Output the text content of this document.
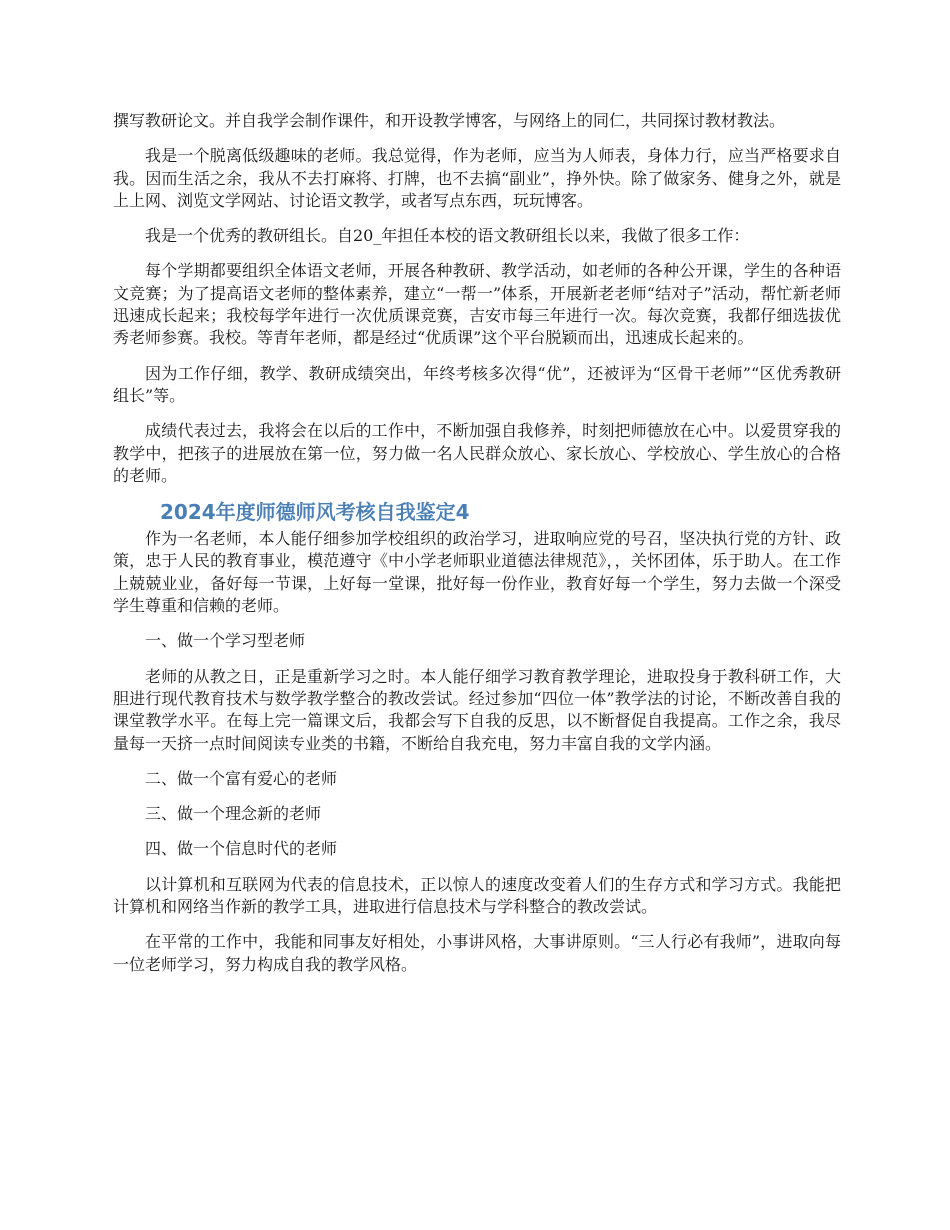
撰写教研论文。并自我学会制作课件，和开设教学博客，与网络上的同仁，共同探讨教材教法。

我是一个脱离低级趣味的老师。我总觉得，作为老师，应当为人师表，身体力行，应当严格要求自我。因而生活之余，我从不去打麻将、打牌，也不去搞“副业”，挣外快。除了做家务、健身之外，就是上上网、浏览文学网站、讨论语文教学，或者写点东西，玩玩博客。

我是一个优秀的教研组长。自20_年担任本校的语文教研组长以来，我做了很多工作：

每个学期都要组织全体语文老师，开展各种教研、教学活动，如老师的各种公开课，学生的各种语文竞赛；为了提高语文老师的整体素养，建立“一帮一”体系，开展新老老师“结对子”活动，帮忙新老师迅速成长起来；我校每学年进行一次优质课竞赛，吉安市每三年进行一次。每次竞赛，我都仔细选拔优秀老师参赛。我校。等青年老师，都是经过“优质课”这个平台脱颖而出，迅速成长起来的。

因为工作仔细，教学、教研成绩突出，年终考核多次得“优”，还被评为“区骨干老师”“区优秀教研组长”等。

成绩代表过去，我将会在以后的工作中，不断加强自我修养，时刻把师德放在心中。以爱贯穿我的教学中，把孩子的进展放在第一位，努力做一名人民群众放心、家长放心、学校放心、学生放心的合格的老师。

2024年度师德师风考核自我鉴定4

作为一名老师，本人能仔细参加学校组织的政治学习，进取响应党的号召，坚决执行党的方针、政策，忠于人民的教育事业，模范遵守《中小学老师职业道德法律规范》，，关怀团体，乐于助人。在工作上兢兢业业，备好每一节课，上好每一堂课，批好每一份作业，教育好每一个学生，努力去做一个深受学生尊重和信赖的老师。

一、做一个学习型老师

老师的从教之日，正是重新学习之时。本人能仔细学习教育教学理论，进取投身于教科研工作，大胆进行现代教育技术与数学教学整合的教改尝试。经过参加“四位一体”教学法的讨论，不断改善自我的课堂教学水平。在每上完一篇课文后，我都会写下自我的反思，以不断督促自我提高。工作之余，我尽量每一天挤一点时间阅读专业类的书籍，不断给自我充电，努力丰富自我的文学内涵。

二、做一个富有爱心的老师

三、做一个理念新的老师

四、做一个信息时代的老师

以计算机和互联网为代表的信息技术，正以惊人的速度改变着人们的生存方式和学习方式。我能把计算机和网络当作新的教学工具，进取进行信息技术与学科整合的教改尝试。

在平常的工作中，我能和同事友好相处，小事讲风格，大事讲原则。“三人行必有我师”，进取向每一位老师学习，努力构成自我的教学风格。
